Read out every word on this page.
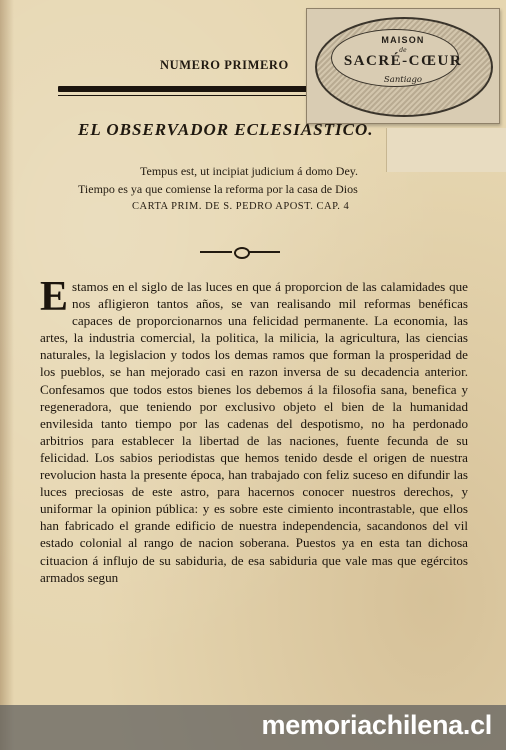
NUMERO PRIMERO
MAISON
de
SACRÉ-CŒUR
Santiago
EL OBSERVADOR ECLESIASTICO.
Tempus est, ut incipiat judicium á domo Dey.
Tiempo es ya que comiense la reforma por la casa de Dios
CARTA PRIM. DE S. PEDRO APOST. CAP. 4
Estamos en el siglo de las luces en que á proporcion de las calamidades que nos afligieron tantos años, se van realisando mil reformas benéficas capaces de proporcionarnos una felicidad permanente. La economia, las artes, la industria comercial, la politica, la milicia, la agricultura, las ciencias naturales, la legislacion y todos los demas ramos que forman la prosperidad de los pueblos, se han mejorado casi en razon inversa de su decadencia anterior. Confesamos que todos estos bienes los debemos á la filosofia sana, benefica y regeneradora, que teniendo por exclusivo objeto el bien de la humanidad envilesida tanto tiempo por las cadenas del despotismo, no ha perdonado arbitrios para establecer la libertad de las naciones, fuente fecunda de su felicidad. Los sabios periodistas que hemos tenido desde el origen de nuestra revolucion hasta la presente época, han trabajado con feliz suceso en difundir las luces preciosas de este astro, para hacernos conocer nuestros derechos, y uniformar la opinion pública: y es sobre este cimiento incontrastable, que ellos han fabricado el grande edificio de nuestra independencia, sacandonos del vil estado colonial al rango de nacion soberana. Puestos ya en esta tan dichosa cituacion á influjo de su sabiduria, de esa sabiduria que vale mas que egércitos armados segun
memoriachilena.cl
